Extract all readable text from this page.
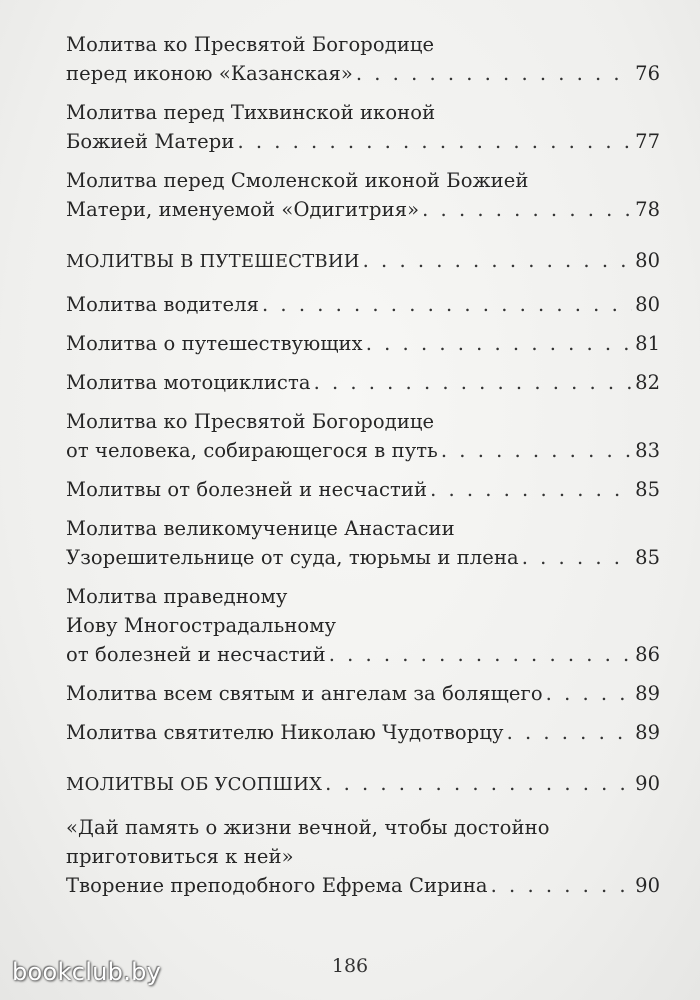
Молитва ко Пресвятой Богородице
перед иконою «Казанская» . . .	76
Молитва перед Тихвинской иконой
Божией Матери . . .	77
Молитва перед Смоленской иконой Божией
Матери, именуемой «Одигитрия» . . .	78
МОЛИТВЫ В ПУТЕШЕСТВИИ . . .	80
Молитва водителя . . .	80
Молитва о путешествующих . . .	81
Молитва мотоциклиста . . .	82
Молитва ко Пресвятой Богородице
от человека, собирающегося в путь . . .	83
Молитвы от болезней и несчастий . . .	85
Молитва великомученице Анастасии
Узорешительнице от суда, тюрьмы и плена . . .	85
Молитва праведному
Иову Многострадальному
от болезней и несчастий . . .	86
Молитва всем святым и ангелам за болящего . . .	89
Молитва святителю Николаю Чудотворцу . . .	89
МОЛИТВЫ ОБ УСОПШИХ . . .	90
«Дай память о жизни вечной, чтобы достойно
приготовиться к ней»
Творение преподобного Ефрема Сирина . . .	90
186
bookclub.by
